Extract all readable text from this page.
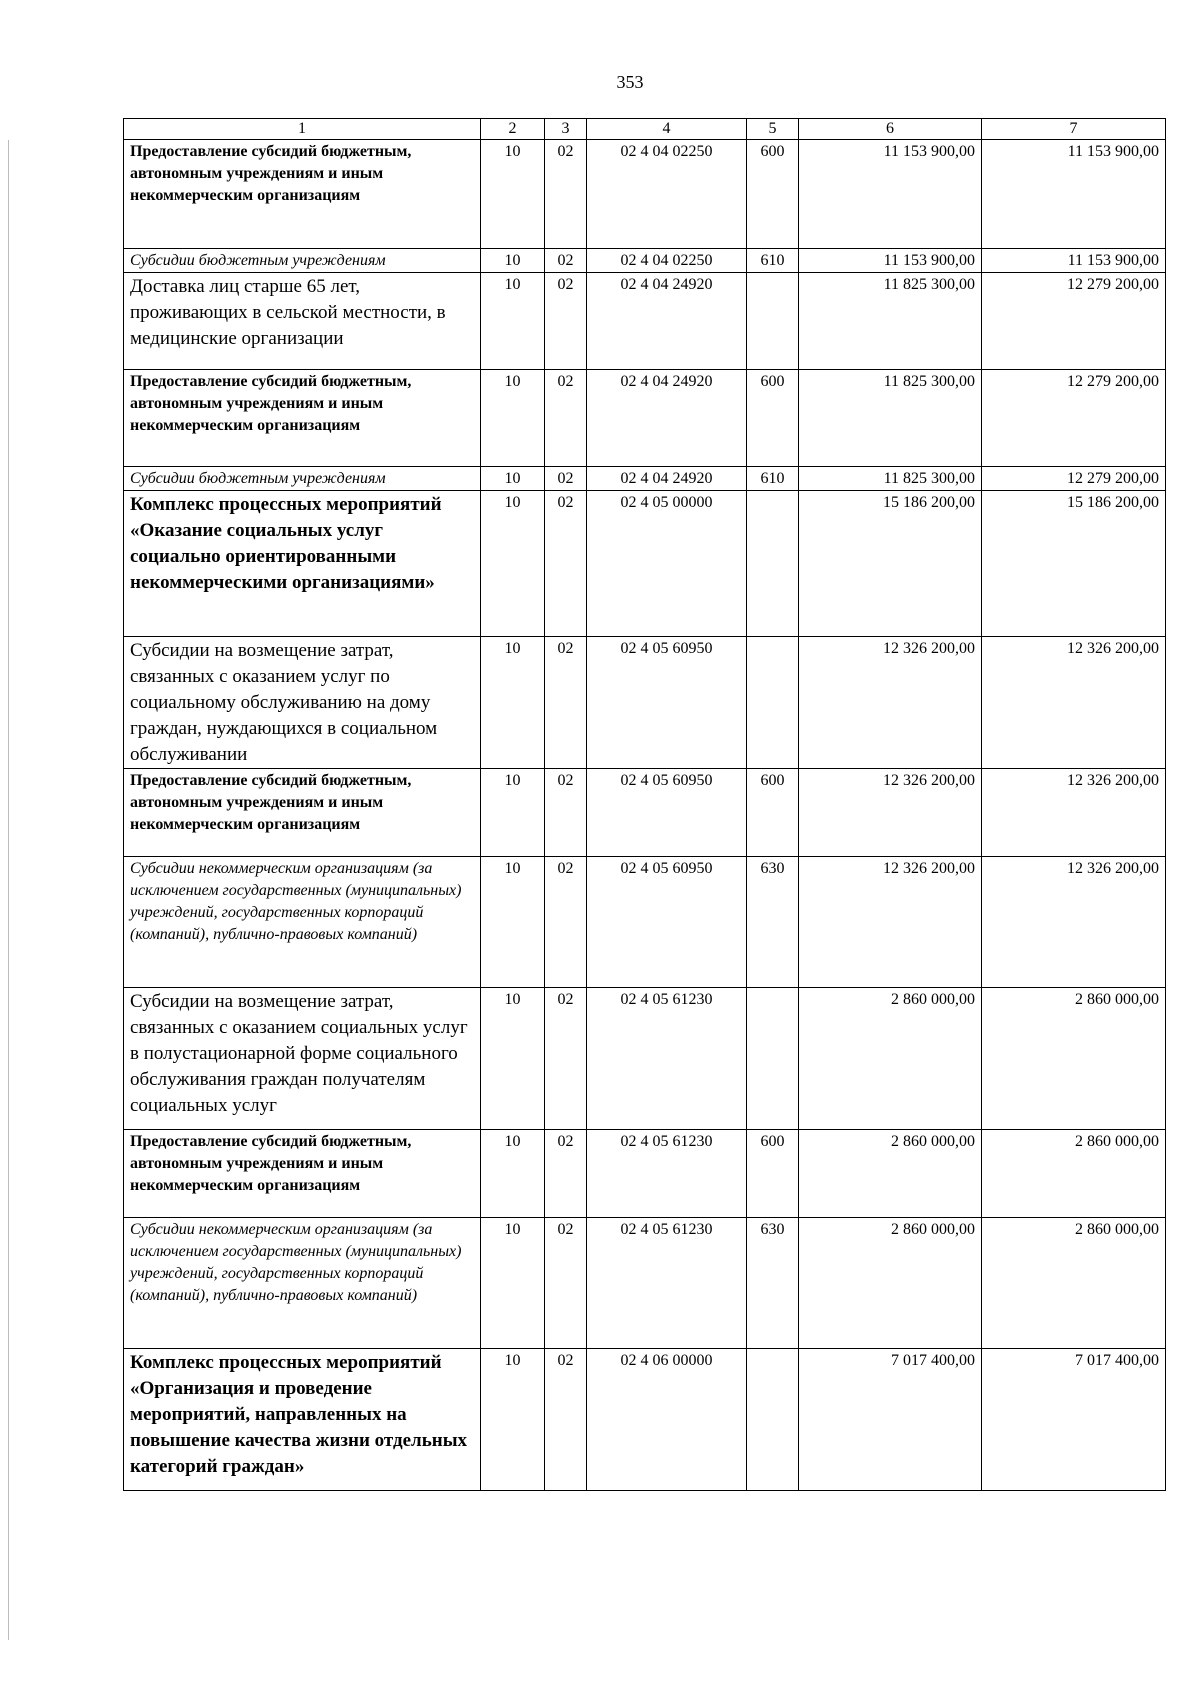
353
1	2	3	4	5	6	7
Предоставление субсидий бюджетным, автономным учреждениям и иным некоммерческим организациям	10	02	02 4 04 02250	600	11 153 900,00	11 153 900,00
Субсидии бюджетным учреждениям	10	02	02 4 04 02250	610	11 153 900,00	11 153 900,00
Доставка лиц старше 65 лет, проживающих в сельской местности, в медицинские организации	10	02	02 4 04 24920		11 825 300,00	12 279 200,00
Предоставление субсидий бюджетным, автономным учреждениям и иным некоммерческим организациям	10	02	02 4 04 24920	600	11 825 300,00	12 279 200,00
Субсидии бюджетным учреждениям	10	02	02 4 04 24920	610	11 825 300,00	12 279 200,00
Комплекс процессных мероприятий «Оказание социальных услуг социально ориентированными некоммерческими организациями»	10	02	02 4 05 00000		15 186 200,00	15 186 200,00
Субсидии на возмещение затрат, связанных с оказанием услуг по социальному обслуживанию на дому граждан, нуждающихся в социальном обслуживании	10	02	02 4 05 60950		12 326 200,00	12 326 200,00
Предоставление субсидий бюджетным, автономным учреждениям и иным некоммерческим организациям	10	02	02 4 05 60950	600	12 326 200,00	12 326 200,00
Субсидии некоммерческим организациям (за исключением государственных (муниципальных) учреждений, государственных корпораций (компаний), публично-правовых компаний)	10	02	02 4 05 60950	630	12 326 200,00	12 326 200,00
Субсидии на возмещение затрат, связанных с оказанием социальных услуг в полустационарной форме социального обслуживания граждан получателям социальных услуг	10	02	02 4 05 61230		2 860 000,00	2 860 000,00
Предоставление субсидий бюджетным, автономным учреждениям и иным некоммерческим организациям	10	02	02 4 05 61230	600	2 860 000,00	2 860 000,00
Субсидии некоммерческим организациям (за исключением государственных (муниципальных) учреждений, государственных корпораций (компаний), публично-правовых компаний)	10	02	02 4 05 61230	630	2 860 000,00	2 860 000,00
Комплекс процессных мероприятий «Организация и проведение мероприятий, направленных на повышение качества жизни отдельных категорий граждан»	10	02	02 4 06 00000		7 017 400,00	7 017 400,00
